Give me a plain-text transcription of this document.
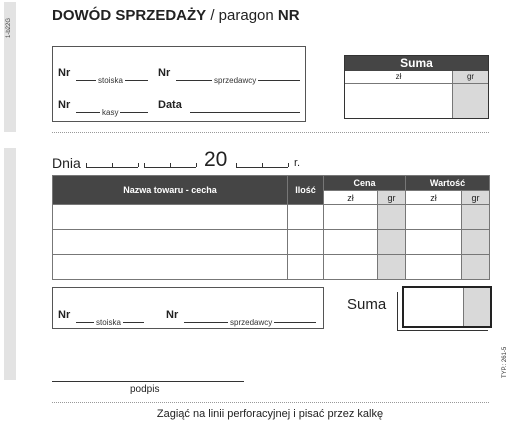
1-b22G
TYP.: 261-5
DOWÓD SPRZEDAŻY / paragon NR
Nr
stoiska
Nr
sprzedawcy
Nr
kasy
Data
Suma
zł	gr
Dnia	20	r.
Nazwa towaru - cecha	Ilość	Cena		Wartość	
		zł	gr	zł	gr

Nr
stoiska
Nr
sprzedawcy
Suma
podpis
Zagiąć na linii perforacyjnej i pisać przez kalkę
